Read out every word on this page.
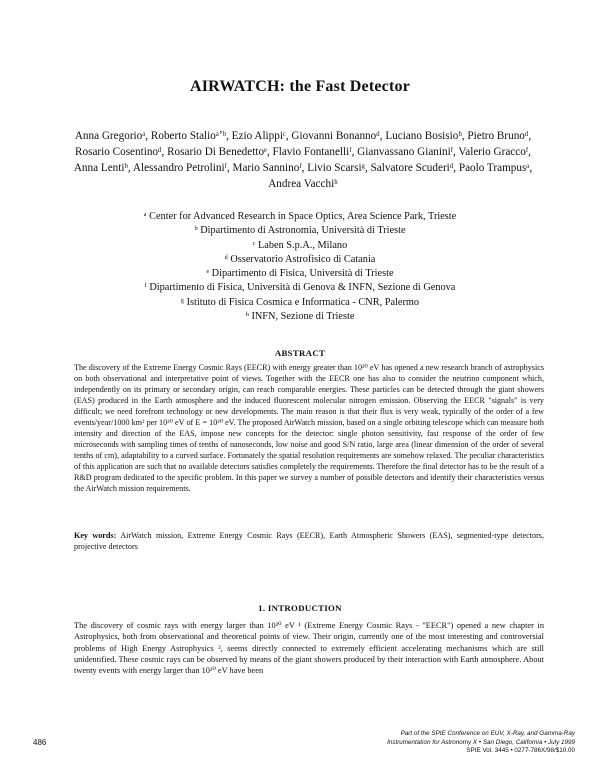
AIRWATCH: the Fast Detector
Anna Gregorioᵃ, Roberto Stalioᵃʼᵇ, Ezio Alippiᶜ, Giovanni Bonannoᵈ, Luciano Bosisioᵇ, Pietro Brunoᵈ, Rosario Cosentinoᵈ, Rosario Di Benedettoᵉ, Flavio Fontanelliᶠ, Gianvassano Gianiniᶠ, Valerio Graccoᶠ, Anna Lentiᵇ, Alessandro Petroliniᶠ, Mario Sanninoᶠ, Livio Scarsiᵍ, Salvatore Scuderiᵈ, Paolo Trampusᵃ, Andrea Vacchiʰ
ᵃ Center for Advanced Research in Space Optics, Area Science Park, Trieste
ᵇ Dipartimento di Astronomia, Università di Trieste
ᶜ Laben S.p.A., Milano
ᵈ Osservatorio Astrofisico di Catania
ᵉ Dipartimento di Fisica, Università di Trieste
ᶠ Dipartimento di Fisica, Università di Genova & INFN, Sezione di Genova
ᵍ Istituto di Fisica Cosmica e Informatica - CNR, Palermo
ʰ INFN, Sezione di Trieste
ABSTRACT
The discovery of the Extreme Energy Cosmic Rays (EECR) with energy greater than 10²⁰ eV has opened a new research branch of astrophysics on both observational and interpretative point of views. Together with the EECR one has also to consider the neutrino component which, independently on its primary or secondary origin, can reach comparable energies. These particles can be detected through the giant showers (EAS) produced in the Earth atmosphere and the induced fluorescent molecular nitrogen emission. Observing the EECR "signals" is very difficult; we need forefront technology or new developments. The main reason is that their flux is very weak, typically of the order of a few events/year/1000 km² per 10²⁰ eV of E = 10²⁰ eV. The proposed AirWatch mission, based on a single orbiting telescope which can measure both intensity and direction of the EAS, impose new concepts for the detector: single photon sensitivity, fast response of the order of few microseconds with sampling times of tenths of nanoseconds, low noise and good S/N ratio, large area (linear dimension of the order of several tenths of cm), adaptability to a curved surface. Fortunately the spatial resolution requirements are somehow relaxed. The peculiar characteristics of this application are such that no available detectors satisfies completely the requirements. Therefore the final detector has to be the result of a R&D program dedicated to the specific problem. In this paper we survey a number of possible detectors and identify their characteristics versus the AirWatch mission requirements.
Key words: AirWatch mission, Extreme Energy Cosmic Rays (EECR), Earth Atmospheric Showers (EAS), segmented-type detectors, projective detectors
1. INTRODUCTION
The discovery of cosmic rays with energy larger than 10²⁰ eV ¹ (Extreme Energy Cosmic Rays - "EECR") opened a new chapter in Astrophysics, both from observational and theoretical points of view. Their origin, currently one of the most interesting and controversial problems of High Energy Astrophysics ², seems directly connected to extremely efficient accelerating mechanisms which are still unidentified. These cosmic rays can be observed by means of the giant showers produced by their interaction with Earth atmosphere. About twenty events with energy larger than 10²⁰ eV have been
486
Part of the SPIE Conference on EUV, X-Ray, and Gamma-Ray
Instrumentation for Astronomy X • San Diego, California • July 1999
SPIE Vol. 3445 • 0277-786X/98/$10.00
